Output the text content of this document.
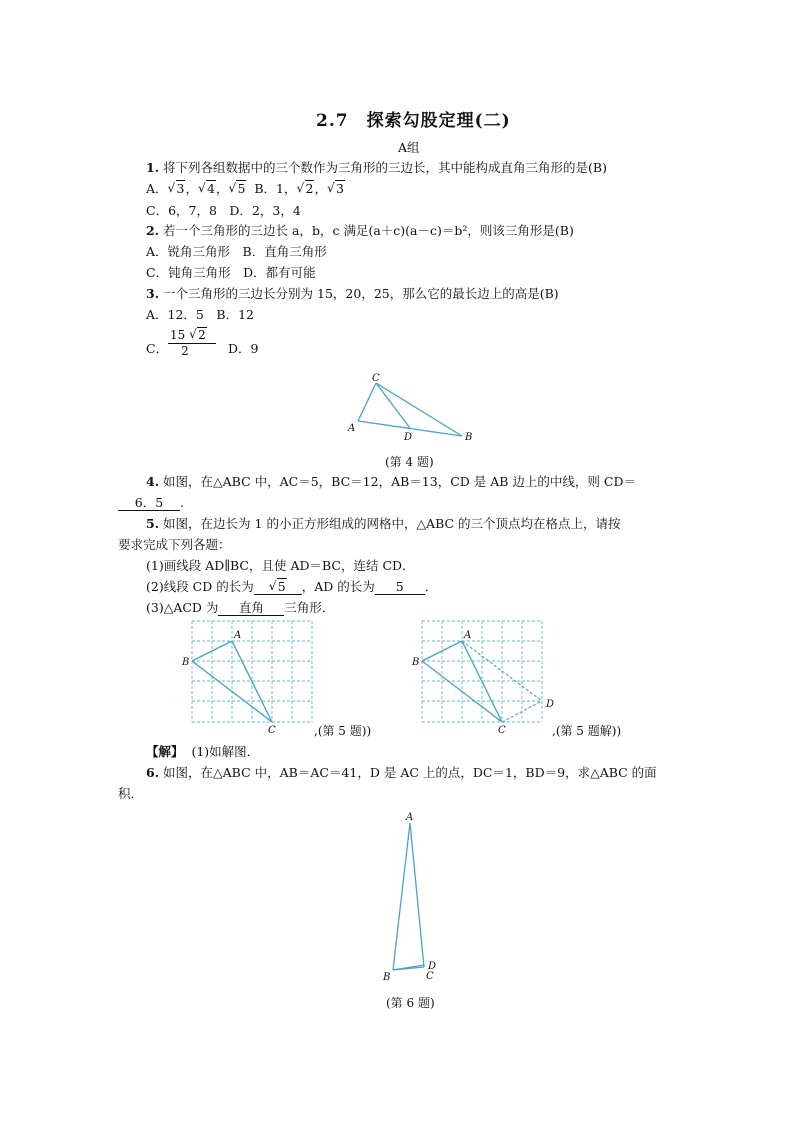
2.7　探索勾股定理(二)
A组
1. 将下列各组数据中的三个数作为三角形的三边长，其中能构成直角三角形的是(B)
A． √ 3， √ 4， √ 5 B．1， √ 2， √ 3
C．6，7，8　D．2，3，4
2. 若一个三角形的三边长 a，b，c 满足(a＋c)(a－c)＝b²，则该三角形是(B)
A．锐角三角形　B．直角三角形
C．钝角三角形　D．都有可能
3. 一个三角形的三边长分别为 15，20，25，那么它的最长边上的高是(B)
A．12．5　B．12
C． $\frac{15 √ 2}{2}$ D．9
C
A
D	B
(第 4 题)
4. 如图，在△ABC 中，AC＝5，BC＝12，AB＝13，CD 是 AB 边上的中线，则 CD＝
6．5 .
5. 如图，在边长为 1 的小正方形组成的网格中，△ABC 的三个顶点均在格点上，请按
要求完成下列各题：
(1)画线段 AD∥BC，且使 AD＝BC，连结 CD．
(2)线段 CD 的长为 √ 5 ，AD 的长为 5 ．
(3)△ACD 为 直角 三角形．
A
B
C	,(第 5 题))
A
B
C
D
,(第 5 题解))
【解】 (1)如解图．
6. 如图，在△ABC 中，AB＝AC＝41，D 是 AC 上的点，DC＝1，BD＝9，求△ABC 的面
积．
A
B
D
C
(第 6 题)
